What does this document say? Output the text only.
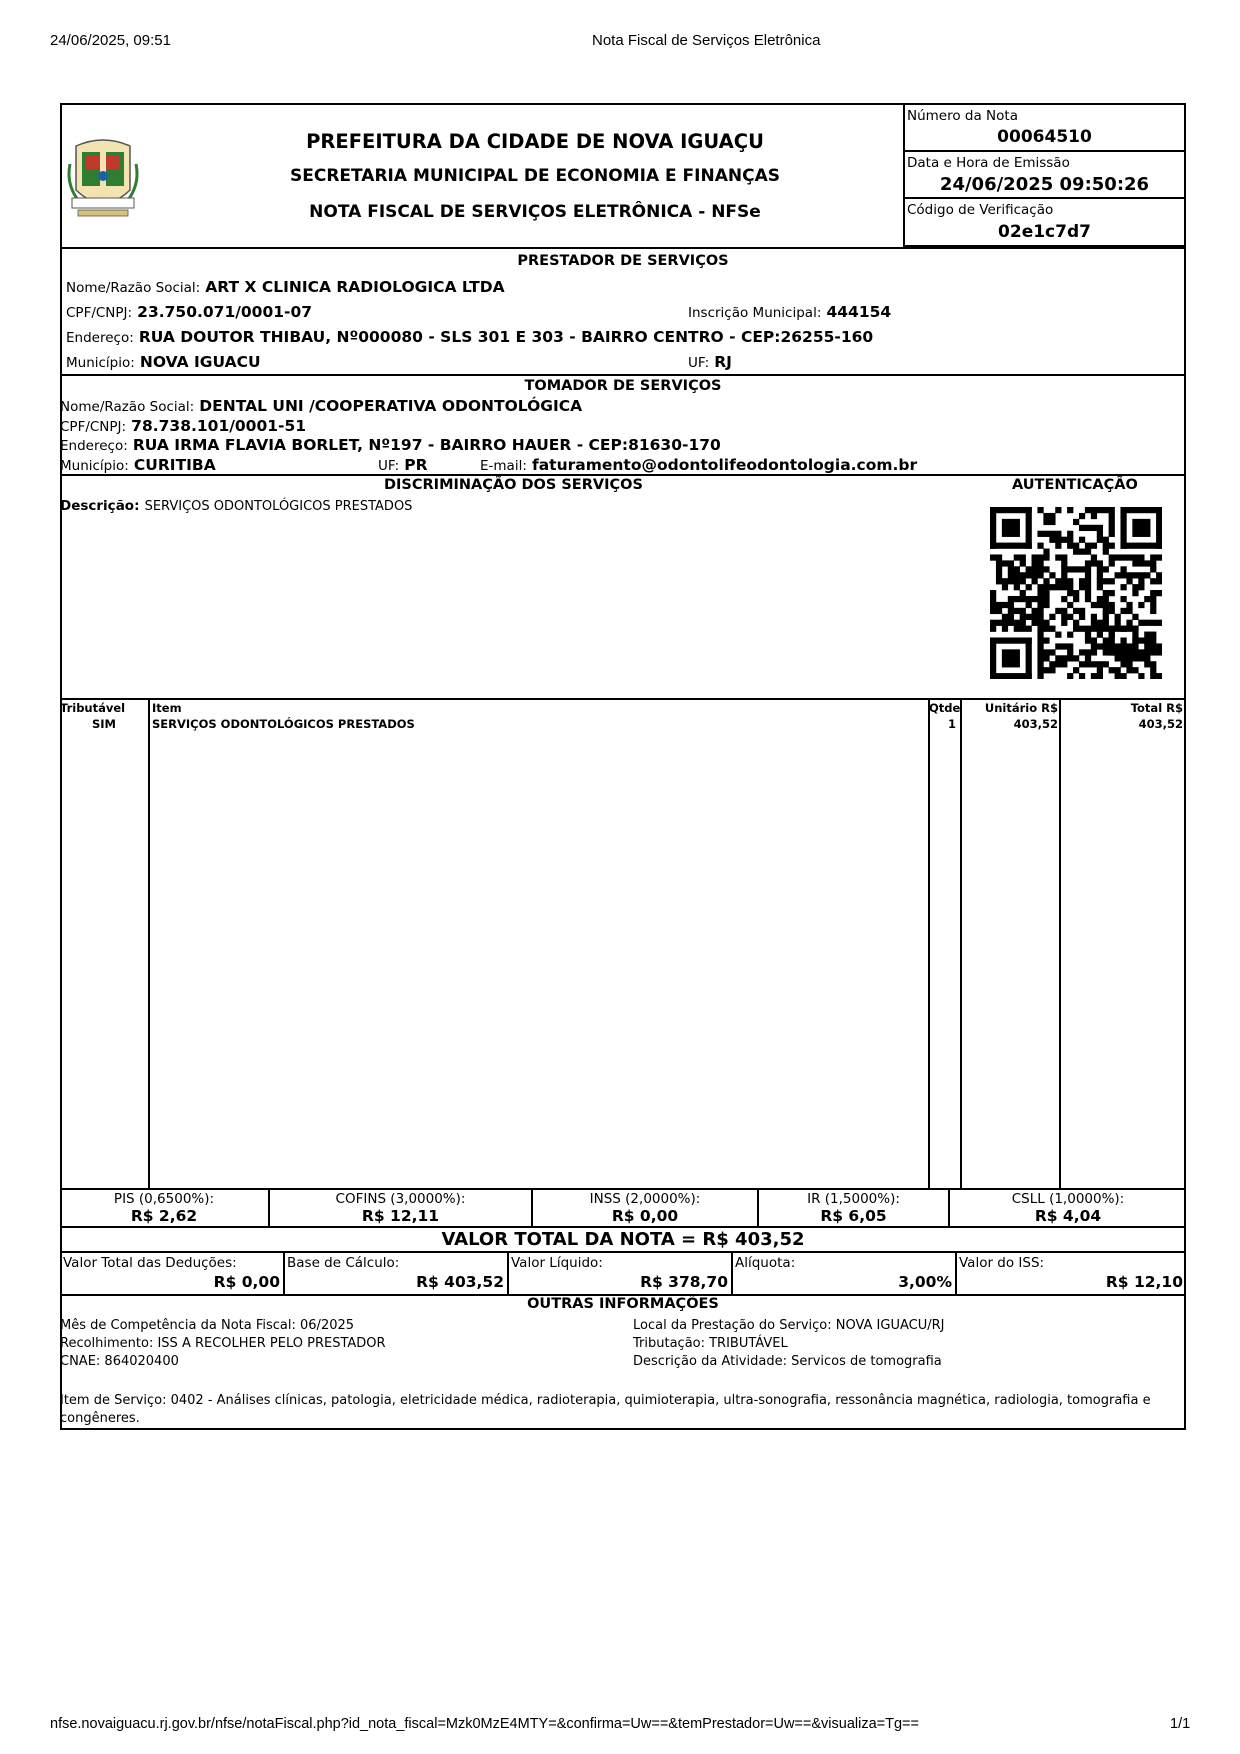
24/06/2025, 09:51	Nota Fiscal de Serviços Eletrônica
PREFEITURA DA CIDADE DE NOVA IGUAÇU
SECRETARIA MUNICIPAL DE ECONOMIA E FINANÇAS
NOTA FISCAL DE SERVIÇOS ELETRÔNICA - NFSe
Número da Nota
00064510
Data e Hora de Emissão
24/06/2025 09:50:26
Código de Verificação
02e1c7d7
PRESTADOR DE SERVIÇOS
Nome/Razão Social: ART X CLINICA RADIOLOGICA LTDA
CPF/CNPJ: 23.750.071/0001-07	Inscrição Municipal: 444154
Endereço: RUA DOUTOR THIBAU, Nº000080 - SLS 301 E 303 - BAIRRO CENTRO - CEP:26255-160
Município: NOVA IGUACU	UF: RJ
TOMADOR DE SERVIÇOS
Nome/Razão Social: DENTAL UNI /COOPERATIVA ODONTOLÓGICA
CPF/CNPJ: 78.738.101/0001-51
Endereço: RUA IRMA FLAVIA BORLET, Nº197 - BAIRRO HAUER - CEP:81630-170
Município: CURITIBA	UF: PR	E-mail: faturamento@odontolifeodontologia.com.br
DISCRIMINAÇÃO DOS SERVIÇOS	AUTENTICAÇÃO
Descrição: SERVIÇOS ODONTOLÓGICOS PRESTADOS
Tributável Item	Qtde	Unitário R$	Total R$
SIM	SERVIÇOS ODONTOLÓGICOS PRESTADOS	1	403,52	403,52
PIS (0,6500%):
R$ 2,62
COFINS (3,0000%):
R$ 12,11
INSS (2,0000%):
R$ 0,00
IR (1,5000%):
R$ 6,05
CSLL (1,0000%):
R$ 4,04
VALOR TOTAL DA NOTA = R$ 403,52
Valor Total das Deduções:
R$ 0,00
Base de Cálculo:
R$ 403,52
Valor Líquido:
R$ 378,70
Alíquota:
3,00%
Valor do ISS:
R$ 12,10
OUTRAS INFORMAÇÕES
Mês de Competência da Nota Fiscal: 06/2025
Recolhimento: ISS A RECOLHER PELO PRESTADOR
CNAE: 864020400
Local da Prestação do Serviço: NOVA IGUACU/RJ
Tributação: TRIBUTÁVEL
Descrição da Atividade: Servicos de tomografia
Item de Serviço: 0402 - Análises clínicas, patologia, eletricidade médica, radioterapia, quimioterapia, ultra-sonografia, ressonância magnética, radiologia, tomografia e congêneres.
nfse.novaiguacu.rj.gov.br/nfse/notaFiscal.php?id_nota_fiscal=Mzk0MzE4MTY=&confirma=Uw==&temPrestador=Uw==&visualiza=Tg==	1/1
